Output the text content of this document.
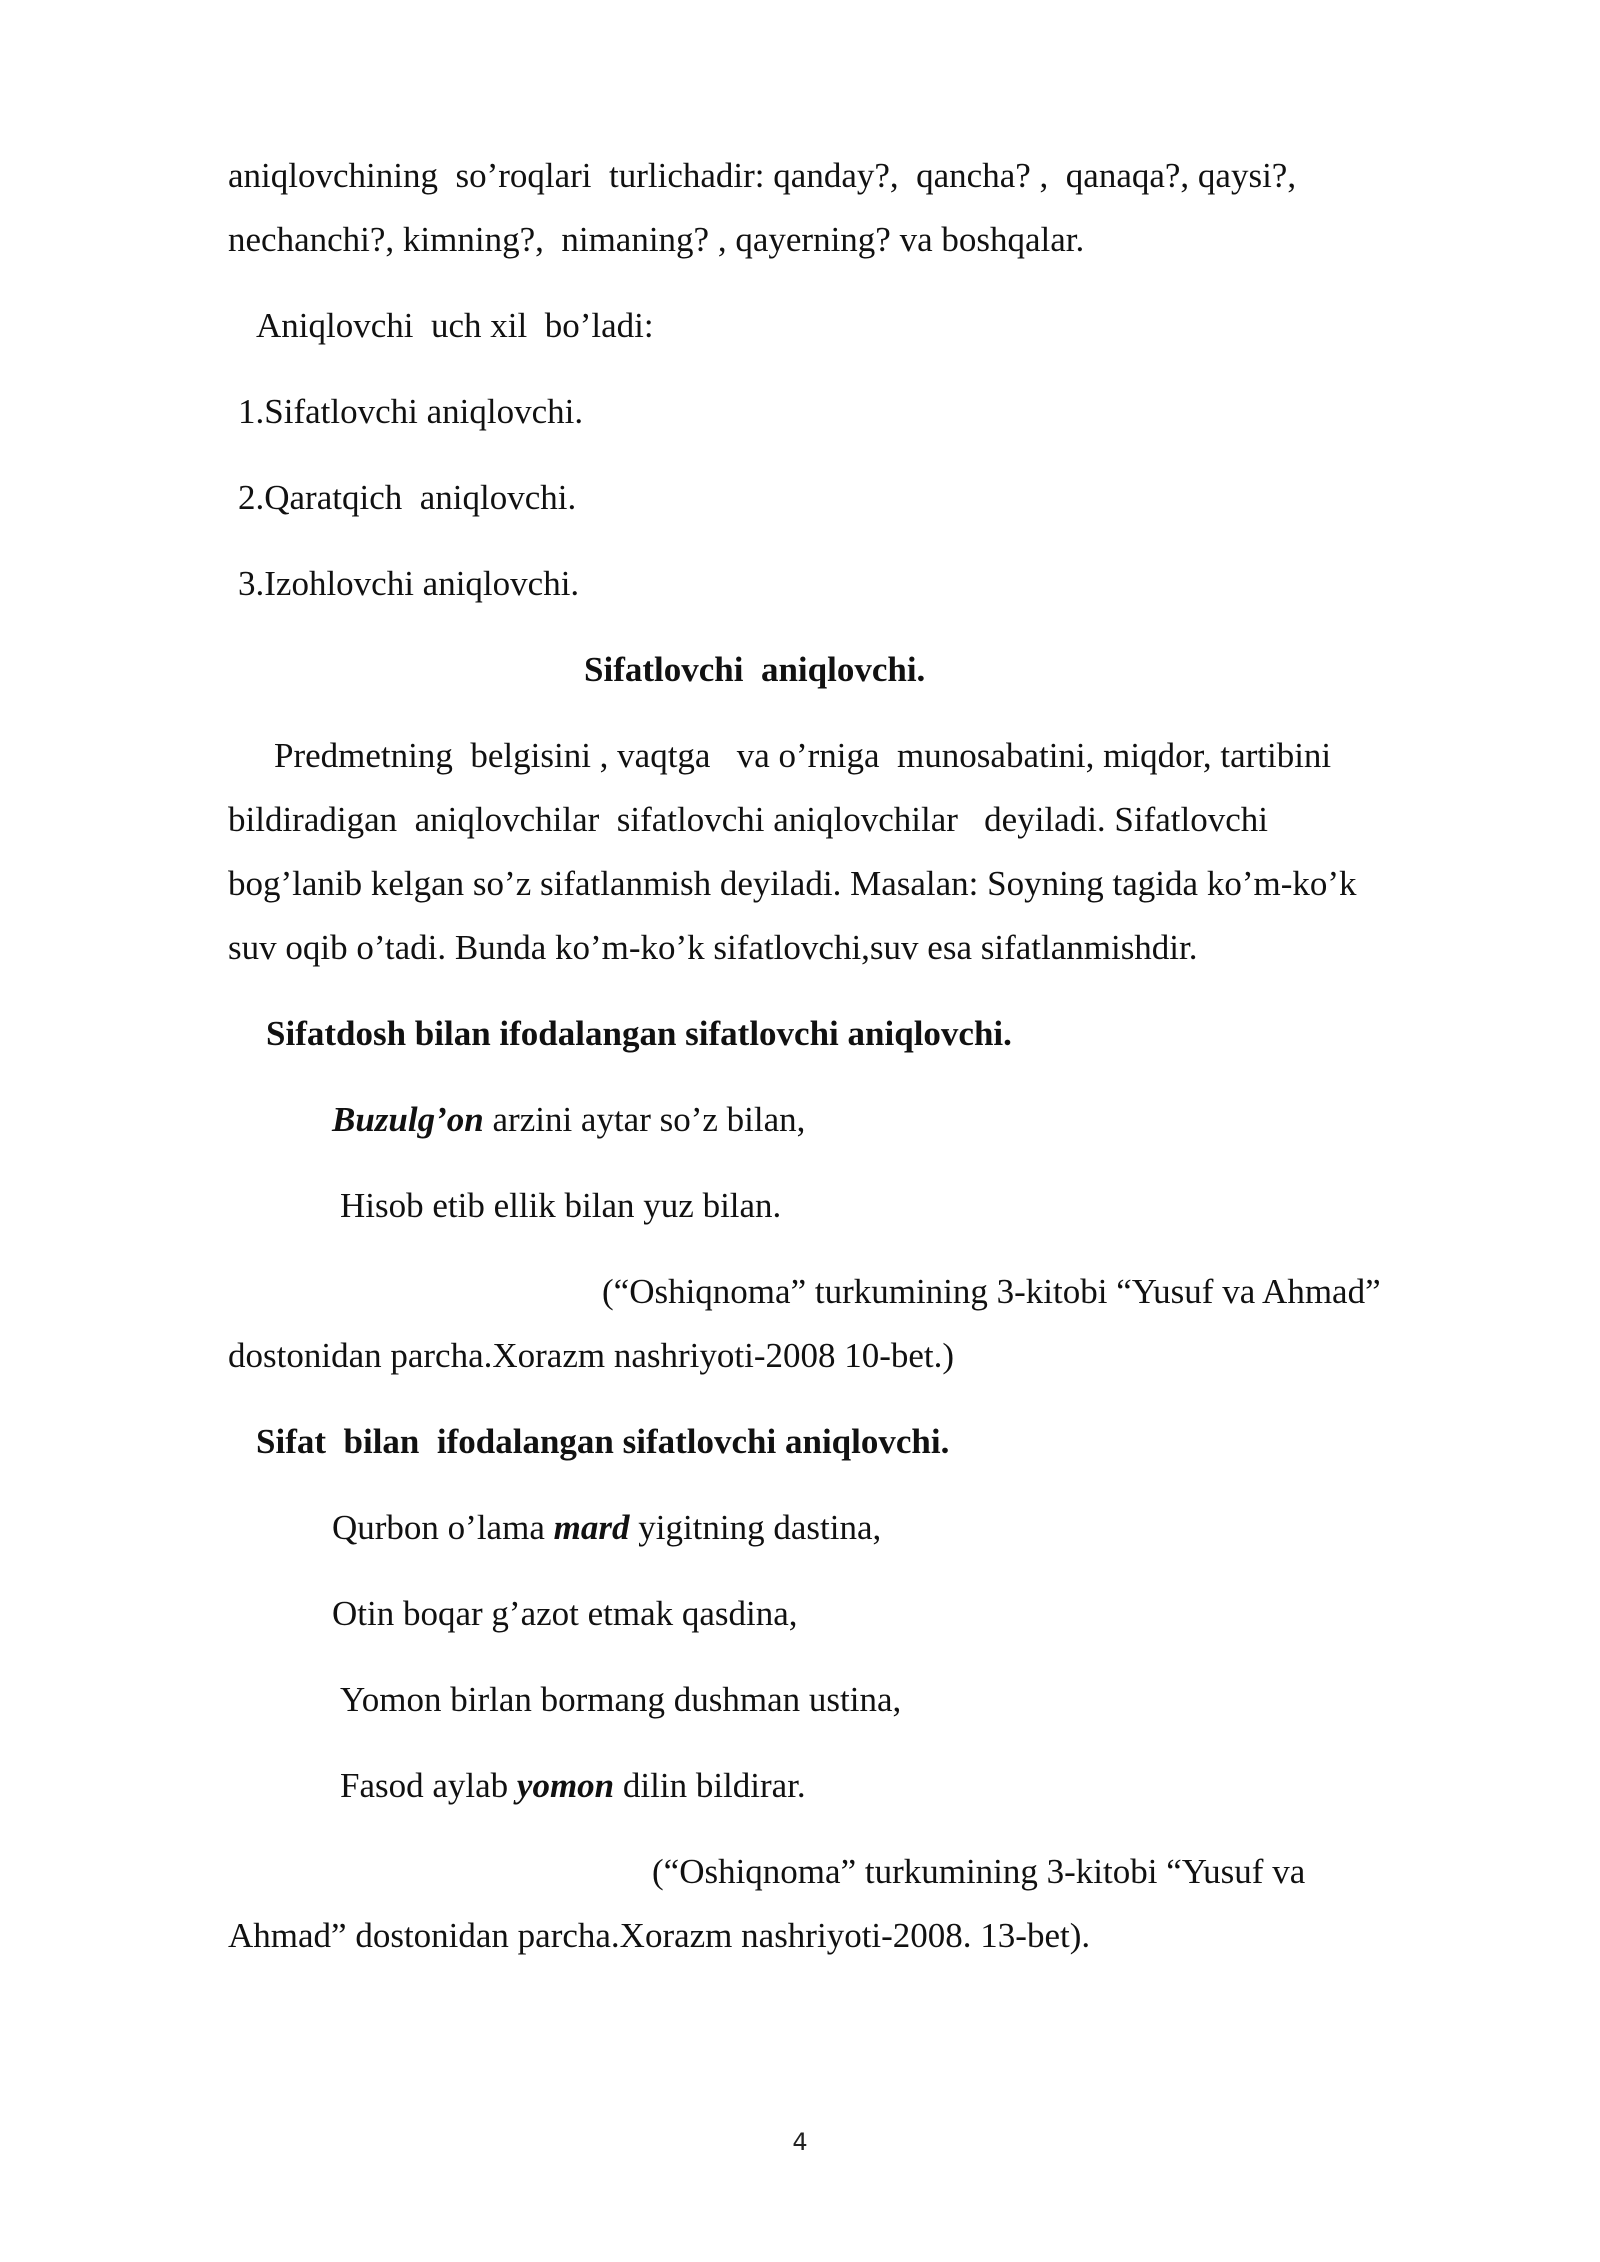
aniqlovchining  so’roqlari  turlichadir: qanday?,  qancha? ,  qanaqa?, qaysi?,
nechanchi?, kimning?,  nimaning? , qayerning? va boshqalar.
Aniqlovchi  uch xil  bo’ladi:
1.Sifatlovchi aniqlovchi.
2.Qaratqich  aniqlovchi.
3.Izohlovchi aniqlovchi.
Sifatlovchi  aniqlovchi.
Predmetning  belgisini , vaqtga   va o’rniga  munosabatini, miqdor, tartibini
bildiradigan  aniqlovchilar  sifatlovchi aniqlovchilar   deyiladi. Sifatlovchi
bog’lanib kelgan so’z sifatlanmish deyiladi. Masalan: Soyning tagida ko’m-ko’k
suv oqib o’tadi. Bunda ko’m-ko’k sifatlovchi,suv esa sifatlanmishdir.
Sifatdosh bilan ifodalangan sifatlovchi aniqlovchi.
Buzulg’on arzini aytar so’z bilan,
Hisob etib ellik bilan yuz bilan.
(“Oshiqnoma” turkumining 3-kitobi “Yusuf va Ahmad”
dostonidan parcha.Xorazm nashriyoti-2008 10-bet.)
Sifat  bilan  ifodalangan sifatlovchi aniqlovchi.
Qurbon o’lama mard yigitning dastina,
Otin boqar g’azot etmak qasdina,
Yomon birlan bormang dushman ustina,
Fasod aylab yomon dilin bildirar.
(“Oshiqnoma” turkumining 3-kitobi “Yusuf va
Ahmad” dostonidan parcha.Xorazm nashriyoti-2008. 13-bet).
4
